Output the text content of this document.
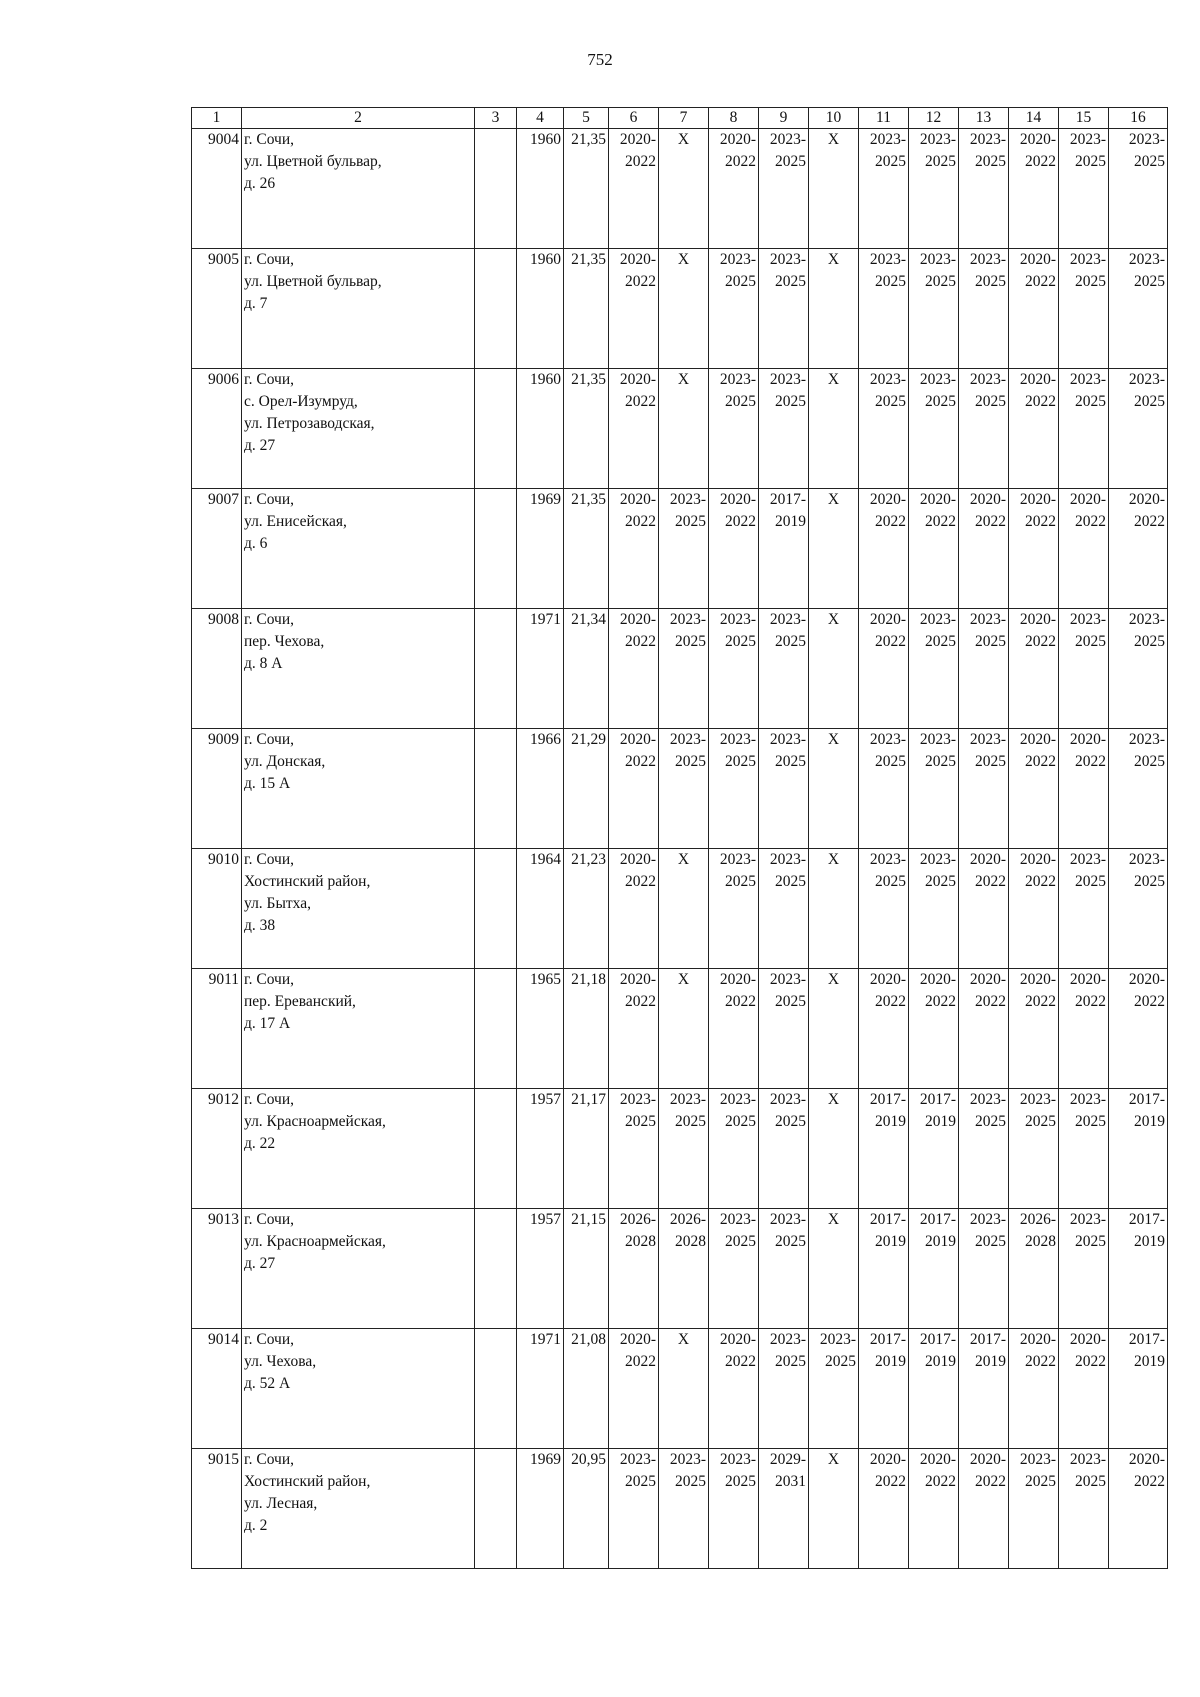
752
1	2	3	4	5	6	7	8	9	10	11	12	13	14	15	16
9004	г. Сочи,
ул. Цветной бульвар,
д. 26		1960	21,35	2020-
2022	X	2020-
2022	2023-
2025	X	2023-
2025	2023-
2025	2023-
2025	2020-
2022	2023-
2025	2023-
2025

9005	г. Сочи,
ул. Цветной бульвар,
д. 7		1960	21,35	2020-
2022	X	2023-
2025	2023-
2025	X	2023-
2025	2023-
2025	2023-
2025	2020-
2022	2023-
2025	2023-
2025

9006	г. Сочи,
с. Орел-Изумруд,
ул. Петрозаводская,
д. 27		1960	21,35	2020-
2022	X	2023-
2025	2023-
2025	X	2023-
2025	2023-
2025	2023-
2025	2020-
2022	2023-
2025	2023-
2025

9007	г. Сочи,
ул. Енисейская,
д. 6		1969	21,35	2020-
2022	2023-
2025	2020-
2022	2017-
2019	X	2020-
2022	2020-
2022	2020-
2022	2020-
2022	2020-
2022	2020-
2022

9008	г. Сочи,
пер. Чехова,
д. 8 А		1971	21,34	2020-
2022	2023-
2025	2023-
2025	2023-
2025	X	2020-
2022	2023-
2025	2023-
2025	2020-
2022	2023-
2025	2023-
2025

9009	г. Сочи,
ул. Донская,
д. 15 А		1966	21,29	2020-
2022	2023-
2025	2023-
2025	2023-
2025	X	2023-
2025	2023-
2025	2023-
2025	2020-
2022	2020-
2022	2023-
2025

9010	г. Сочи,
Хостинский район,
ул. Бытха,
д. 38		1964	21,23	2020-
2022	X	2023-
2025	2023-
2025	X	2023-
2025	2023-
2025	2020-
2022	2020-
2022	2023-
2025	2023-
2025

9011	г. Сочи,
пер. Ереванский,
д. 17 А		1965	21,18	2020-
2022	X	2020-
2022	2023-
2025	X	2020-
2022	2020-
2022	2020-
2022	2020-
2022	2020-
2022	2020-
2022

9012	г. Сочи,
ул. Красноармейская,
д. 22		1957	21,17	2023-
2025	2023-
2025	2023-
2025	2023-
2025	X	2017-
2019	2017-
2019	2023-
2025	2023-
2025	2023-
2025	2017-
2019

9013	г. Сочи,
ул. Красноармейская,
д. 27		1957	21,15	2026-
2028	2026-
2028	2023-
2025	2023-
2025	X	2017-
2019	2017-
2019	2023-
2025	2026-
2028	2023-
2025	2017-
2019

9014	г. Сочи,
ул. Чехова,
д. 52 А		1971	21,08	2020-
2022	X	2020-
2022	2023-
2025	2023-
2025	2017-
2019	2017-
2019	2017-
2019	2020-
2022	2020-
2022	2017-
2019

9015	г. Сочи,
Хостинский район,
ул. Лесная,
д. 2		1969	20,95	2023-
2025	2023-
2025	2023-
2025	2029-
2031	X	2020-
2022	2020-
2022	2020-
2022	2023-
2025	2023-
2025	2020-
2022
